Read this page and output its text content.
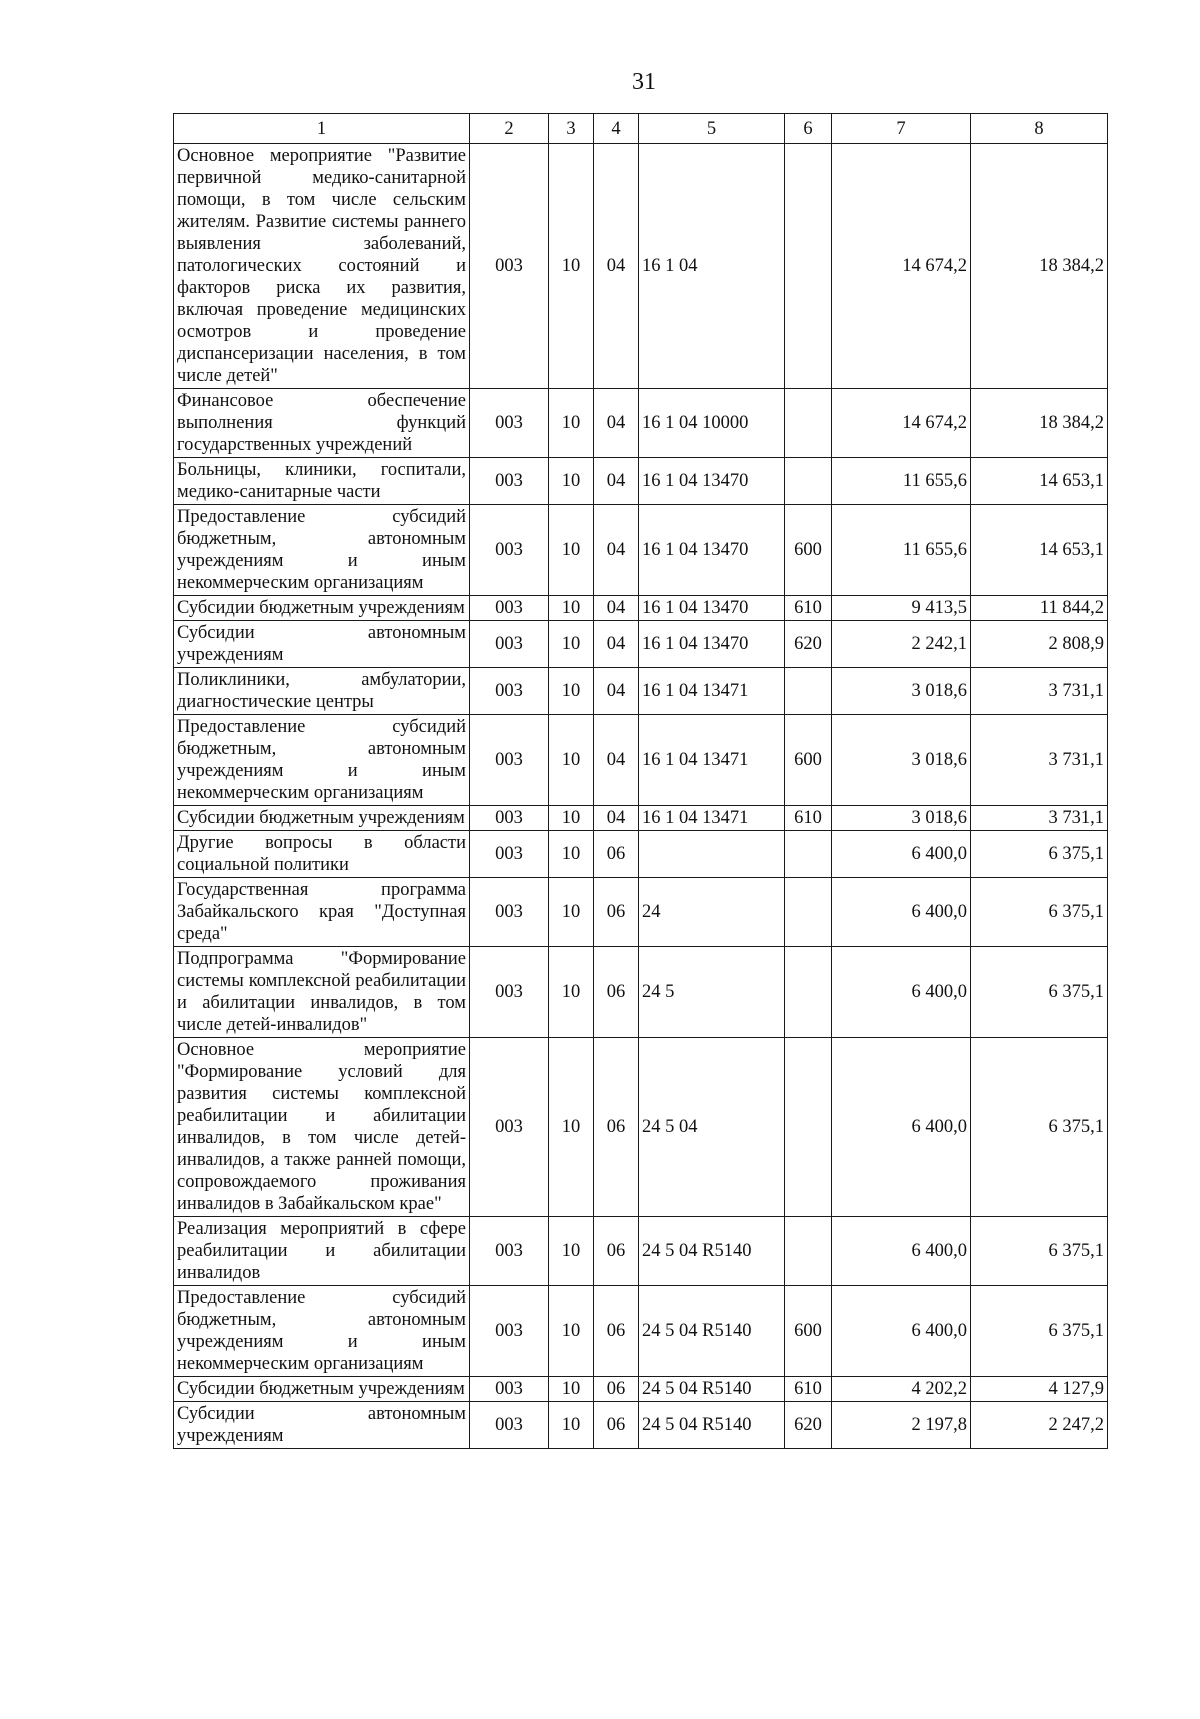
31
1	2	3	4	5	6	7	8
Основное мероприятие "Развитие первичной медико-санитарной помощи, в том числе сельским жителям. Развитие системы раннего выявления заболеваний, патологических состояний и факторов риска их развития, включая проведение медицинских осмотров и проведение диспансеризации населения, в том числе детей"	003	10	04	16 1 04		14 674,2	18 384,2
Финансовое обеспечение выполнения функций государственных учреждений	003	10	04	16 1 04 10000		14 674,2	18 384,2
Больницы, клиники, госпитали, медико-санитарные части	003	10	04	16 1 04 13470		11 655,6	14 653,1
Предоставление субсидий бюджетным, автономным учреждениям и иным некоммерческим организациям	003	10	04	16 1 04 13470	600	11 655,6	14 653,1
Субсидии бюджетным учреждениям	003	10	04	16 1 04 13470	610	9 413,5	11 844,2
Субсидии автономным учреждениям	003	10	04	16 1 04 13470	620	2 242,1	2 808,9
Поликлиники, амбулатории, диагностические центры	003	10	04	16 1 04 13471		3 018,6	3 731,1
Предоставление субсидий бюджетным, автономным учреждениям и иным некоммерческим организациям	003	10	04	16 1 04 13471	600	3 018,6	3 731,1
Субсидии бюджетным учреждениям	003	10	04	16 1 04 13471	610	3 018,6	3 731,1
Другие вопросы в области социальной политики	003	10	06			6 400,0	6 375,1
Государственная программа Забайкальского края "Доступная среда"	003	10	06	24		6 400,0	6 375,1
Подпрограмма "Формирование системы комплексной реабилитации и абилитации инвалидов, в том числе детей-инвалидов"	003	10	06	24 5		6 400,0	6 375,1
Основное мероприятие "Формирование условий для развития системы комплексной реабилитации и абилитации инвалидов, в том числе детей-инвалидов, а также ранней помощи, сопровождаемого проживания инвалидов в Забайкальском крае"	003	10	06	24 5 04		6 400,0	6 375,1
Реализация мероприятий в сфере реабилитации и абилитации инвалидов	003	10	06	24 5 04 R5140		6 400,0	6 375,1
Предоставление субсидий бюджетным, автономным учреждениям и иным некоммерческим организациям	003	10	06	24 5 04 R5140	600	6 400,0	6 375,1
Субсидии бюджетным учреждениям	003	10	06	24 5 04 R5140	610	4 202,2	4 127,9
Субсидии автономным учреждениям	003	10	06	24 5 04 R5140	620	2 197,8	2 247,2
